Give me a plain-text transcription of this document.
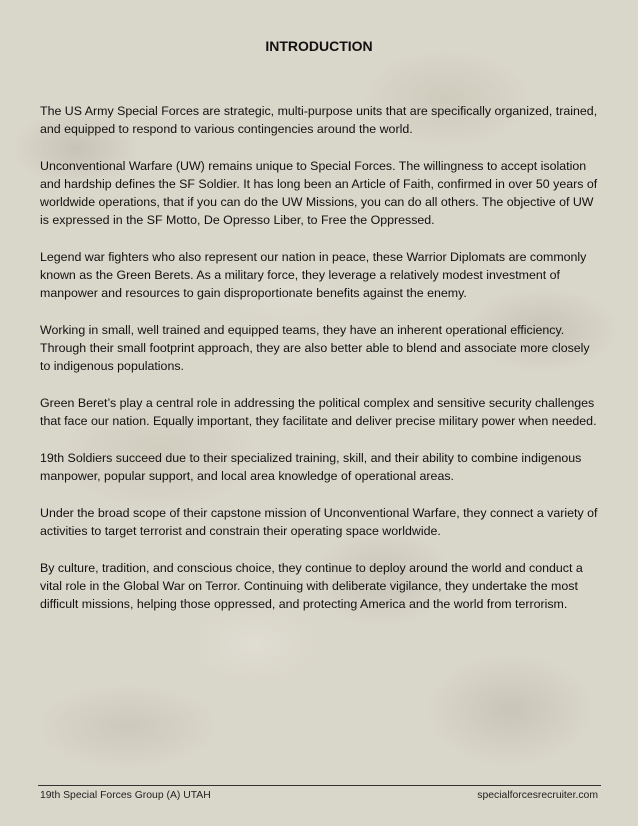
INTRODUCTION

The US Army Special Forces are strategic, multi-purpose units that are specifically organized, trained, and equipped to respond to various contingencies around the world.

Unconventional Warfare (UW) remains unique to Special Forces. The willingness to accept isolation and hardship defines the SF Soldier. It has long been an Article of Faith, confirmed in over 50 years of worldwide operations, that if you can do the UW Missions, you can do all others. The objective of UW is expressed in the SF Motto, De Opresso Liber, to Free the Oppressed.

Legend war fighters who also represent our nation in peace, these Warrior Diplomats are commonly known as the Green Berets. As a military force, they leverage a relatively modest investment of manpower and resources to gain disproportionate benefits against the enemy.

Working in small, well trained and equipped teams, they have an inherent operational efficiency. Through their small footprint approach, they are also better able to blend and associate more closely to indigenous populations.

Green Beret’s play a central role in addressing the political complex and sensitive security challenges that face our nation. Equally important, they facilitate and deliver precise military power when needed.

19th Soldiers succeed due to their specialized training, skill, and their ability to combine indigenous manpower, popular support, and local area knowledge of operational areas.

Under the broad scope of their capstone mission of Unconventional Warfare, they connect a variety of activities to target terrorist and constrain their operating space worldwide.

By culture, tradition, and conscious choice, they continue to deploy around the world and conduct a vital role in the Global War on Terror. Continuing with deliberate vigilance, they undertake the most difficult missions, helping those oppressed, and protecting America and the world from terrorism.

19th Special Forces Group (A) UTAH	specialforcesrecruiter.com
